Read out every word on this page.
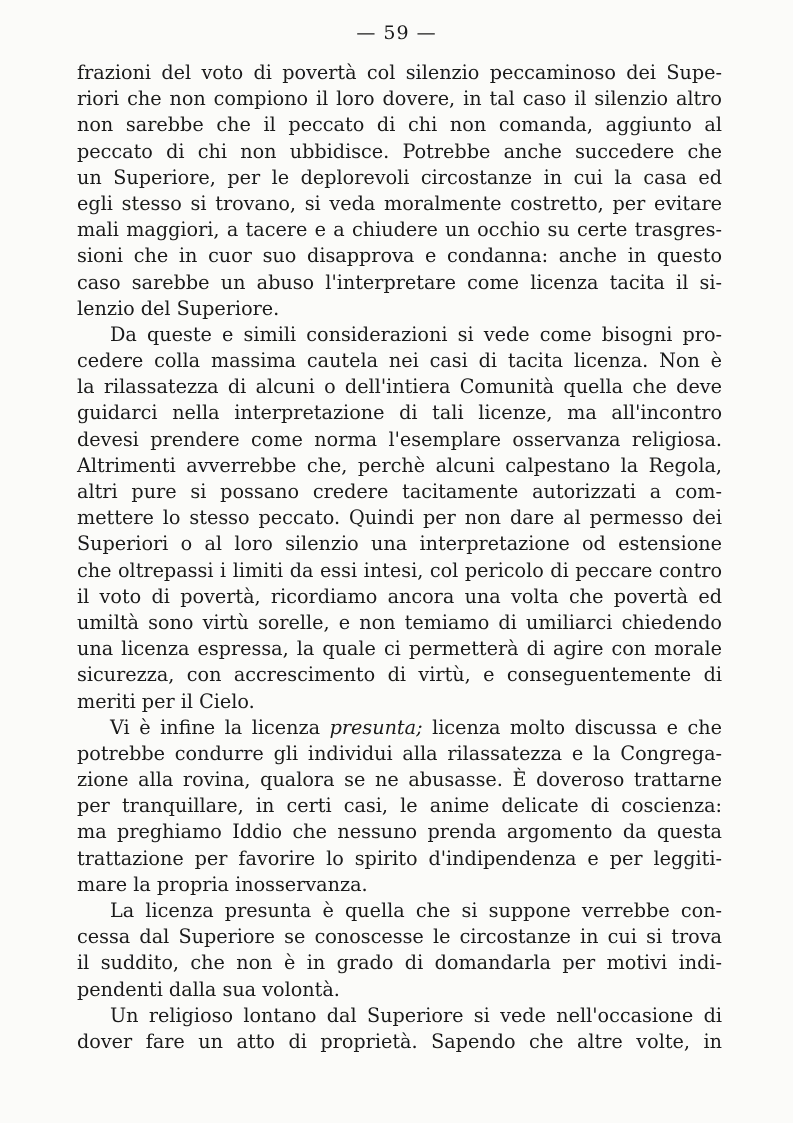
— 59 —
frazioni del voto di povertà col silenzio peccaminoso dei Supe-
riori che non compiono il loro dovere, in tal caso il silenzio altro
non sarebbe che il peccato di chi non comanda, aggiunto al
peccato di chi non ubbidisce. Potrebbe anche succedere che
un Superiore, per le deplorevoli circostanze in cui la casa ed
egli stesso si trovano, si veda moralmente costretto, per evitare
mali maggiori, a tacere e a chiudere un occhio su certe trasgres-
sioni che in cuor suo disapprova e condanna: anche in questo
caso sarebbe un abuso l'interpretare come licenza tacita il si-
lenzio del Superiore.
Da queste e simili considerazioni si vede come bisogni pro-
cedere colla massima cautela nei casi di tacita licenza. Non è
la rilassatezza di alcuni o dell'intiera Comunità quella che deve
guidarci nella interpretazione di tali licenze, ma all'incontro
devesi prendere come norma l'esemplare osservanza religiosa.
Altrimenti avverrebbe che, perchè alcuni calpestano la Regola,
altri pure si possano credere tacitamente autorizzati a com-
mettere lo stesso peccato. Quindi per non dare al permesso dei
Superiori o al loro silenzio una interpretazione od estensione
che oltrepassi i limiti da essi intesi, col pericolo di peccare contro
il voto di povertà, ricordiamo ancora una volta che povertà ed
umiltà sono virtù sorelle, e non temiamo di umiliarci chiedendo
una licenza espressa, la quale ci permetterà di agire con morale
sicurezza, con accrescimento di virtù, e conseguentemente di
meriti per il Cielo.
Vi è infine la licenza presunta; licenza molto discussa e che
potrebbe condurre gli individui alla rilassatezza e la Congrega-
zione alla rovina, qualora se ne abusasse. È doveroso trattarne
per tranquillare, in certi casi, le anime delicate di coscienza:
ma preghiamo Iddio che nessuno prenda argomento da questa
trattazione per favorire lo spirito d'indipendenza e per leggiti-
mare la propria inosservanza.
La licenza presunta è quella che si suppone verrebbe con-
cessa dal Superiore se conoscesse le circostanze in cui si trova
il suddito, che non è in grado di domandarla per motivi indi-
pendenti dalla sua volontà.
Un religioso lontano dal Superiore si vede nell'occasione di
dover fare un atto di proprietà. Sapendo che altre volte, in
